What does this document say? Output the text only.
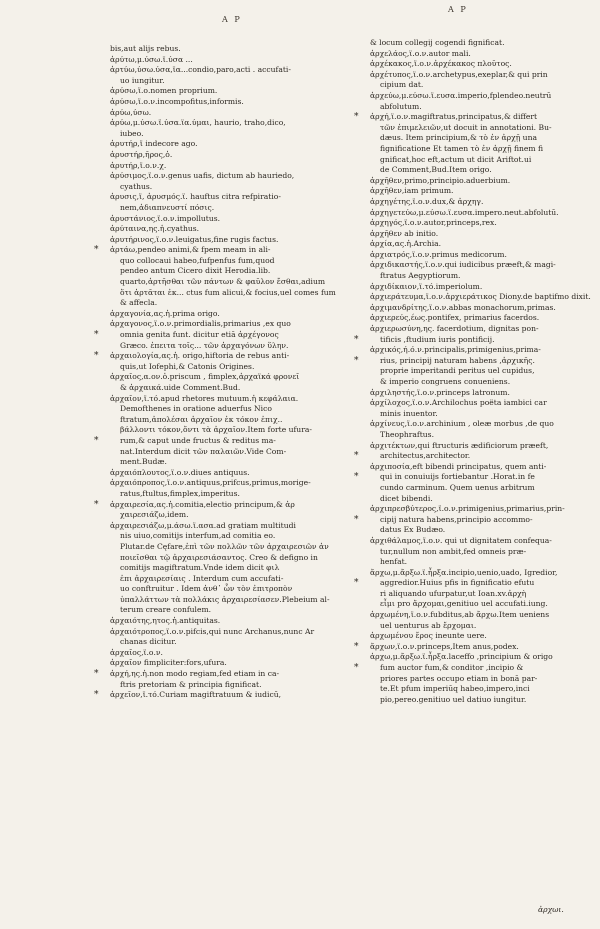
A P
A P
bis,aut alijs rebus.
ἀρύτω,μ.ύσω.ϊ.ύσα ...
ἀρτύω,ύσω.ύσα,ϊα...condio,paro,acti . accufati-
uo iungitur.
ἀρύσω,ϊ.ο.nomen proprium.
ἀρύσω,ϊ.ο.ν.incompofitus,informis.
ἀρύω,ύσω.
ἀρύω,μ.ύσω.ϊ.ύσα.ϊα.ύμαι, haurio, traho,dico,
iubeo.
ἀρυτήρ,ϊ indecore ago.
ἀρυστήρ,ῆρος,ὁ.
ἀρυτήρ,ϊ.ο.ν.χ.
ἀρύσιμος,ϊ.ο.ν.genus uafis, dictum ab hauriedo,
cyathus.
ἀρυσις,ϊ, ἀρυσμός.ϊ. hauftus citra refpiratio-
nem,ἀδιαπνευστί πόσις.
ἀρυστάνιος,ϊ.ο.ν.impollutus.
ἀρύταινα,ης.ἡ.cyathus.
ἀρυτήρινος,ϊ.ο.ν.leuigatus,fine rugis factus.
* ἀρτάω,pendeo animi,& fpem meam in ali-
quo collocaui habeo,fufpenfus fum,quod
pendeo antum Cicero dixit Herodia.lib.
quarto,ἀρτῆσθαι τῶν πάντων & φαῦλον ἔσθαι,adium
ὅτι ἀρτᾶται ἐκ... ctus fum alicui,& focius,uel comes fum
& affecla.
ἀρχαγονία,ας.ἡ.prima origo.
ἀρχαγονος,ϊ.ο.ν.primordialis,primarius ,ex quo
*	omnia genita funt. dicitur etiā ἀρχέγονος
Græco. ἐπειτα τοῖς... τῶν ἀρχαγόνων ὕλην.
* ἀρχαιολογία,ας.ἡ. origo,hiftoria de rebus anti-
quis,ut Iofephi,& Catonis Origines.
ἀρχαῖος,α.ον.ὁ.priscum , fimplex,ἀρχαϊκά φρονεῖ
& ἀρχαικά.uide Comment.Bud.
ἀρχαῖον,ϊ.τό.apud rhetores mutuum.ἡ κεφάλαια.
Demofthenes in oratione aduerfus Nico
ftratum,ἀπολέσαι ἀρχαῖον ἐκ τόκον ἐπιχ..
βάλλοντι τόκον,ὄντι τὰ ἀρχαῖον.Item forte ufura-
*	rum,& caput unde fructus & reditus ma-
nat.Interdum dicit τῶν παλαιῶν.Vide Com-
ment.Budæ.
ἀρχαιόπλουτος,ϊ.ο.ν.diues antiquus.
ἀρχαιόπροπος,ϊ.ο.ν.antiquus,prifcus,primus,morige-
ratus,ftultus,fimplex,imperitus.
* ἀρχαιρεσία,ας.ἡ.comitia,electio principum,& ἀρ
χαιρεσιάζω,idem.
ἀρχαιρεσιάζω,μ.άσω.ϊ.ασα.ad gratiam multitudi
nis uiuo,comitijs interfum,ad comitia eo.
Plutar.de Cęfare,ἐπὶ τῶν πολλῶν τῶν ἀρχαιρεσιῶν ἀν
ποιεῖσθαι τῷ ἀρχαιρεσιάσαντος. Creo & defigno in
comitijs magiftratum.Vnde idem dicit φιλ
ἐπι ἀρχαιρεσίαις . Interdum cum accufati-
uo conftruitur . Idem ἀνθ᾽ ὧν τὸν ἐπιτροπὸν
ὑπαλλάττων τὰ πολλάκις ἀρχαιρεσίασεν.Plebeium al-
terum creare confulem.
ἀρχαιότης,ητος.ἡ.antiquitas.
ἀρχαιότροπος,ϊ.ο.ν.pifcis,qui nunc Archanus,nunc Ar
chanas dicitur.
ἀρχαῖος,ϊ.ο.ν.
ἀρχαῖον fimpliciter:fors,ufura.
* ἀρχή,ης.ἡ.non modo regiam,fed etiam in ca-
ftris pretoriam & principia fignificat.
* ἀρχεῖον,ϊ.τό.Curiam magiftratuum & iudicū,
& locum collegij cogendi fignificat.
ἀρχελάος,ϊ.ο.ν.autor mali.
ἀρχέκακος,ϊ.ο.ν.ἀρχέκακος πλοῦτος.
ἀρχέτυπος,ϊ.ο.ν.archetypus,exeplar,& qui prin
cipium dat.
ἀρχεύω,μ.εύσω.ϊ.ευσα.imperio,fplendeo.neutrū
abfolutum.
* ἀρχή,ϊ.ο.ν.magiftratus,principatus,& differt
τῶν ἐπιμελειῶν,ut docuit in annotationi. Bu-
dæus. Item principium,& τὸ ἐν ἀρχῇ una
fignificatione Et tamen τὸ ἐν ἀρχῇ finem fi
gnificat,hoc eft,actum ut dicit Ariftot.ui
de Comment,Bud.Item origo.
ἀρχῆθεν,primo,principio.aduerbium.
ἀρχῆθεν,iam primum.
ἀρχηγέτης,ϊ.ο.ν.dux,& ἀρχηγ.
ἀρχηγετεύω,μ.εύσω.ϊ.ευσα.impero.neut.abfolutū.
ἀρχηγός,ϊ.ο.ν.autor,princeps,rex.
ἀρχῆθεν ab initio.
ἀρχία,ας.ἡ.Archia.
ἀρχιατρός,ϊ.ο.ν.primus medicorum.
ἀρχιδικαστής,ϊ.ο.ν.qui iudicibus præeft,& magi-
ftratus Aegyptiorum.
ἀρχιδίκαιον,ϊ.τό.imperiolum.
ἀρχιεράτευμα,ϊ.ο.ν.ἀρχιεράτικος Diony.de baptifmo dixit.
ἀρχιμανδρίτης,ϊ.ο.ν.abbas monachorum,primas.
ἀρχιερεύς,έως.pontifex, primarius facerdos.
ἀρχιερωσύνη,ης. facerdotium, dignitas pon-
*	tificis ,ftudium iuris pontificij.
ἀρχικός,ή.ό.ν.principalis,primigenius,prima-
*	rius, principij naturam habens ,ἀρχικῆς.
proprie imperitandi peritus uel cupidus,
& imperio congruens conueniens.
ἀρχιληστής,ϊ.ο.ν.princeps latronum.
ἀρχίλοχος,ϊ.ο.ν.Archilochus poëta iambici car
minis inuentor.
ἀρχίνευς,ϊ.ο.ν.archinium , oleæ morbus ,de quo
Theophraftus.
ἀρχιτέκτων,qui ftructuris ædificiorum præeft,
*	architectus,architector.
ἀρχιποσία,eft bibendi principatus, quem anti-
*	qui in conuiuijs fortiebantur .Horat.in fe
cundo carminum. Quem uenus arbitrum
dicet bibendi.
ἀρχιπρεσβύτερος,ϊ.ο.ν.primigenius,primarius,prin-
*	cipij natura habens,principio accommo-
datus Ex Budæo.
ἀρχιθάλαμος,ϊ.ο.ν. qui ut dignitatem confequa-
tur,nullum non ambit,fed omneis præ-
henfat.
ἄρχω,μ.ἄρξω.ϊ.ἦρξα.incipio,uenio,uado, Igredior,
*	aggredior.Huius pfis in fignificatio efutu
ri aliquando ufurpatur,ut Ioan.xv.ἀρχὴ
εἶμι pro ἄρχομαι,genitiuo uel accufati.iung.
ἀρχωμένη,ϊ.ο.ν.fubditus,ab ἄρχω.Item ueniens
uel uenturus ab ἔρχομαι.
ἀρχωμένου ἔρος ineunte uere.
* ἄρχων,ϊ.ο.ν.princeps,Item anus,podex.
ἀρχω,μ.ἄρξω.ϊ.ἦρξα.laceffo ,principium & origo
*	fum auctor fum,& conditor ,incipio &
priores partes occupo etiam in bonā par-
te.Et pfum imperiūq habeo,impero,inci
pio,pereo.genitiuo uel datiuo iungitur.
ἀρχωι.
